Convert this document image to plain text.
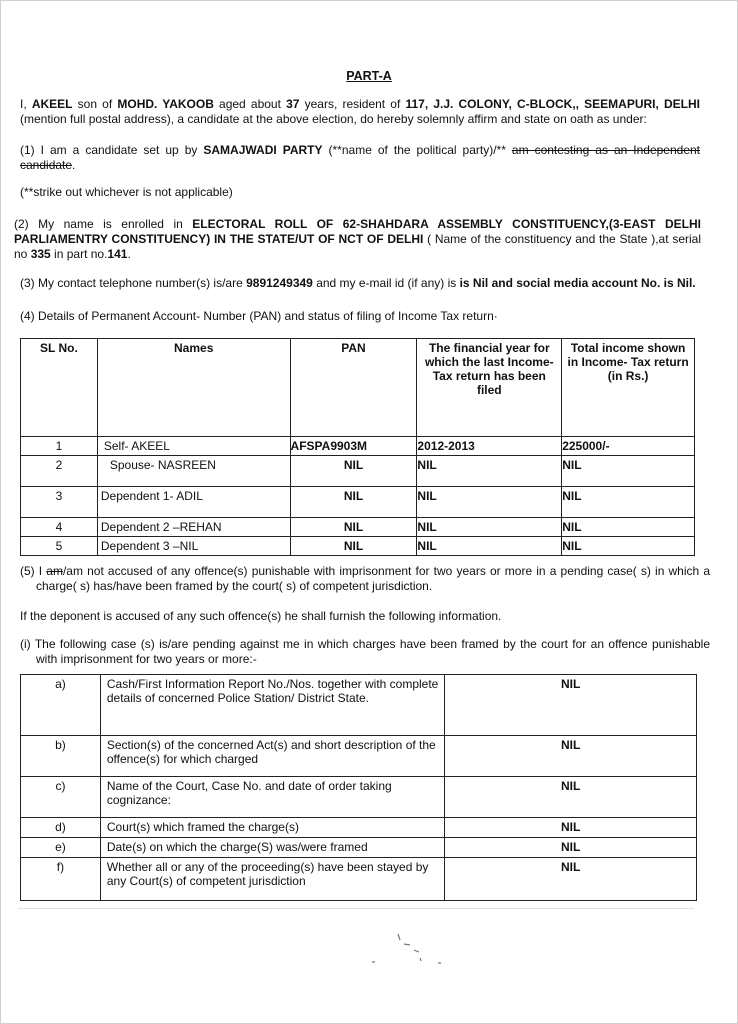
PART-A
I, AKEEL son of MOHD. YAKOOB aged about 37 years, resident of 117, J.J. COLONY, C-BLOCK,, SEEMAPURI, DELHI (mention full postal address), a candidate at the above election, do hereby solemnly affirm and state on oath as under:
(1) I am a candidate set up by SAMAJWADI PARTY (**name of the political party)/** am contesting as an Independent candidate.
(**strike out whichever is not applicable)
(2) My name is enrolled in ELECTORAL ROLL OF 62-SHAHDARA ASSEMBLY CONSTITUENCY,(3-EAST DELHI PARLIAMENTRY CONSTITUENCY) IN THE STATE/UT OF NCT OF DELHI ( Name of the constituency and the State ),at serial no 335 in part no.141.
(3) My contact telephone number(s) is/are 9891249349 and my e-mail id (if any) is is Nil and social media account No. is Nil.
(4) Details of Permanent Account- Number (PAN) and status of filing of Income Tax return·
SL No.	Names	PAN	The financial year for which the last Income- Tax return has been filed	Total income shown in Income- Tax return (in Rs.)
1	Self- AKEEL	AFSPA9903M	2012-2013	225000/-
2	Spouse- NASREEN	NIL	NIL	NIL
3	Dependent 1- ADIL	NIL	NIL	NIL
4	Dependent 2 –REHAN	NIL	NIL	NIL
5	Dependent 3 –NIL	NIL	NIL	NIL
(5) I am/am not accused of any offence(s) punishable with imprisonment for two years or more in a pending case( s) in which a charge( s) has/have been framed by the court( s) of competent jurisdiction.
If the deponent is accused of any such offence(s) he shall furnish the following information.
(i) The following case (s) is/are pending against me in which charges have been framed by the court for an offence punishable with imprisonment for two years or more:-
a)	Cash/First Information Report No./Nos. together with complete details of concerned Police Station/ District State.	NIL
b)	Section(s) of the concerned Act(s) and short description of the offence(s) for which charged	NIL
c)	Name of the Court, Case No. and date of order taking cognizance:	NIL
d)	Court(s) which framed the charge(s)	NIL
e)	Date(s) on which the charge(S) was/were framed	NIL
f)	Whether all or any of the proceeding(s) have been stayed by any Court(s) of competent jurisdiction	NIL
